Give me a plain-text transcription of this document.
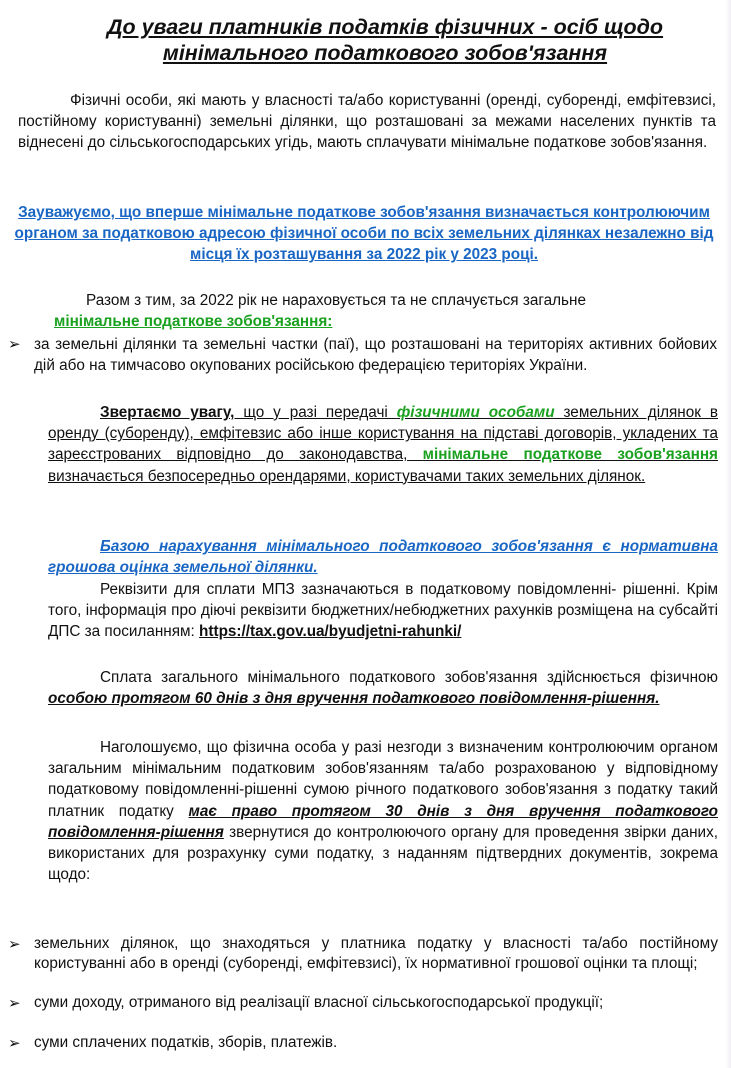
До уваги платників податків фізичних - осіб щодо
мінімального податкового зобов'язання

Фізичні особи, які мають у власності та/або користуванні (оренді, суборенді, емфітевзисі, постійному користуванні) земельні ділянки, що розташовані за межами населених пунктів та віднесені до сільськогосподарських угідь, мають сплачувати мінімальне податкове зобов'язання.

Зауважуємо, що вперше мінімальне податкове зобов'язання визначається контролюючим органом за податковою адресою фізичної особи по всіх земельних ділянках незалежно від місця їх розташування за 2022 рік у 2023 році.

Разом з тим, за 2022 рік не нараховується та не сплачується загальне

мінімальне податкове зобов'язання:

➢ за земельні ділянки та земельні частки (паї), що розташовані на територіях активних бойових дій або на тимчасово окупованих російською федерацією територіях України.

Звертаємо увагу, що у разі передачі фізичними особами земельних ділянок в оренду (суборенду), емфітевзис або інше користування на підставі договорів, укладених та зареєстрованих відповідно до законодавства, мінімальне податкове зобов'язання визначається безпосередньо орендарями, користувачами таких земельних ділянок.

Базою нарахування мінімального податкового зобов'язання є нормативна грошова оцінка земельної ділянки.

Реквізити для сплати МПЗ зазначаються в податковому повідомленні- рішенні. Крім того, інформація про діючі реквізити бюджетних/небюджетних рахунків розміщена на субсайті ДПС за посиланням: https://tax.gov.ua/byudjetni-rahunki/

Сплата загального мінімального податкового зобов'язання здійснюється фізичною особою протягом 60 днів з дня вручення податкового повідомлення-рішення.

Наголошуємо, що фізична особа у разі незгоди з визначеним контролюючим органом загальним мінімальним податковим зобов'язанням та/або розрахованою у відповідному податковому повідомленні-рішенні сумою річного податкового зобов'язання з податку такий платник податку має право протягом 30 днів з дня вручення податкового повідомлення-рішення звернутися до контролюючого органу для проведення звірки даних, використаних для розрахунку суми податку, з наданням підтвердних документів, зокрема щодо:

➢ земельних ділянок, що знаходяться у платника податку у власності та/або постійному користуванні або в оренді (суборенді, емфітевзисі), їх нормативної грошової оцінки та площі;

➢ суми доходу, отриманого від реалізації власної сільськогосподарської продукції;

➢ суми сплачених податків, зборів, платежів.
